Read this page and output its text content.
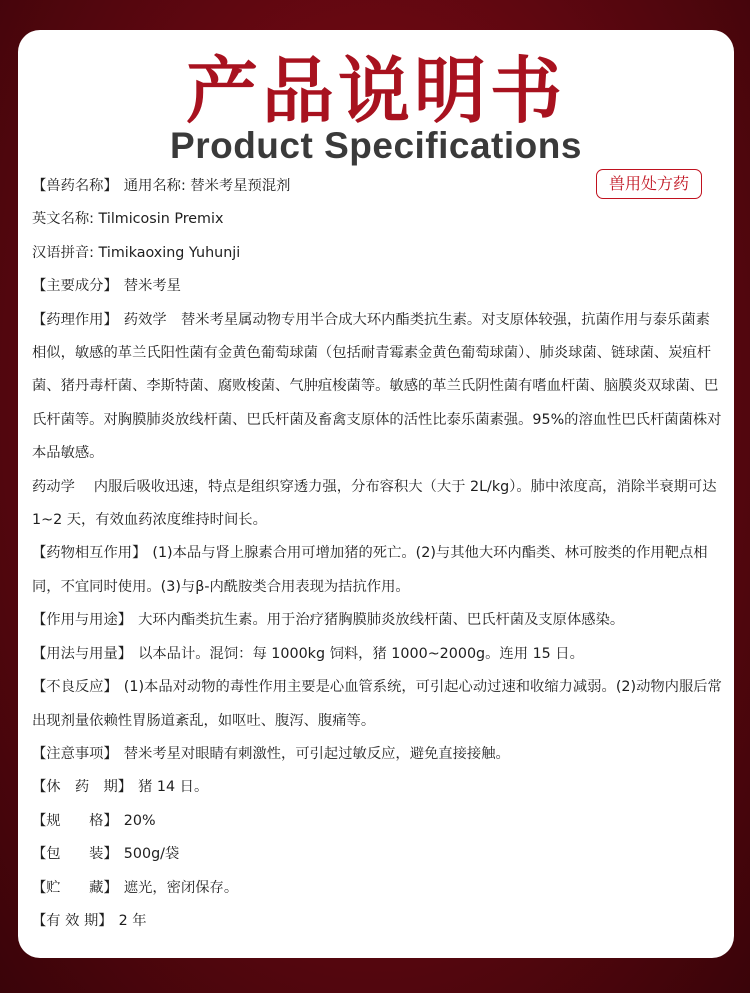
产品说明书
Product Specifications
兽用处方药

【兽药名称】 通用名称: 替米考星预混剂

英文名称: Tilmicosin Premix

汉语拼音: Timikaoxing Yuhunji

【主要成分】 替米考星

【药理作用】 药效学　替米考星属动物专用半合成大环内酯类抗生素。对支原体较强，抗菌作用与泰乐菌素相似，敏感的革兰氏阳性菌有金黄色葡萄球菌（包括耐青霉素金黄色葡萄球菌）、肺炎球菌、链球菌、炭疽杆菌、猪丹毒杆菌、李斯特菌、腐败梭菌、气肿疽梭菌等。敏感的革兰氏阴性菌有嗜血杆菌、脑膜炎双球菌、巴氏杆菌等。对胸膜肺炎放线杆菌、巴氏杆菌及畜禽支原体的活性比泰乐菌素强。95%的溶血性巴氏杆菌菌株对本品敏感。

药动学　 内服后吸收迅速，特点是组织穿透力强，分布容积大（大于 2L/kg）。肺中浓度高，消除半衰期可达 1~2 天，有效血药浓度维持时间长。

【药物相互作用】 (1)本品与肾上腺素合用可增加猪的死亡。(2)与其他大环内酯类、林可胺类的作用靶点相同，不宜同时使用。(3)与β-内酰胺类合用表现为拮抗作用。

【作用与用途】 大环内酯类抗生素。用于治疗猪胸膜肺炎放线杆菌、巴氏杆菌及支原体感染。

【用法与用量】 以本品计。混饲：每 1000kg 饲料，猪 1000~2000g。连用 15 日。

【不良反应】 (1)本品对动物的毒性作用主要是心血管系统，可引起心动过速和收缩力减弱。(2)动物内服后常出现剂量依赖性胃肠道紊乱，如呕吐、腹泻、腹痛等。

【注意事项】 替米考星对眼睛有刺激性，可引起过敏反应，避免直接接触。

【休　药　期】 猪 14 日。

【规　　格】 20%

【包　　装】 500g/袋

【贮　　藏】 遮光，密闭保存。

【有 效 期】 2 年
